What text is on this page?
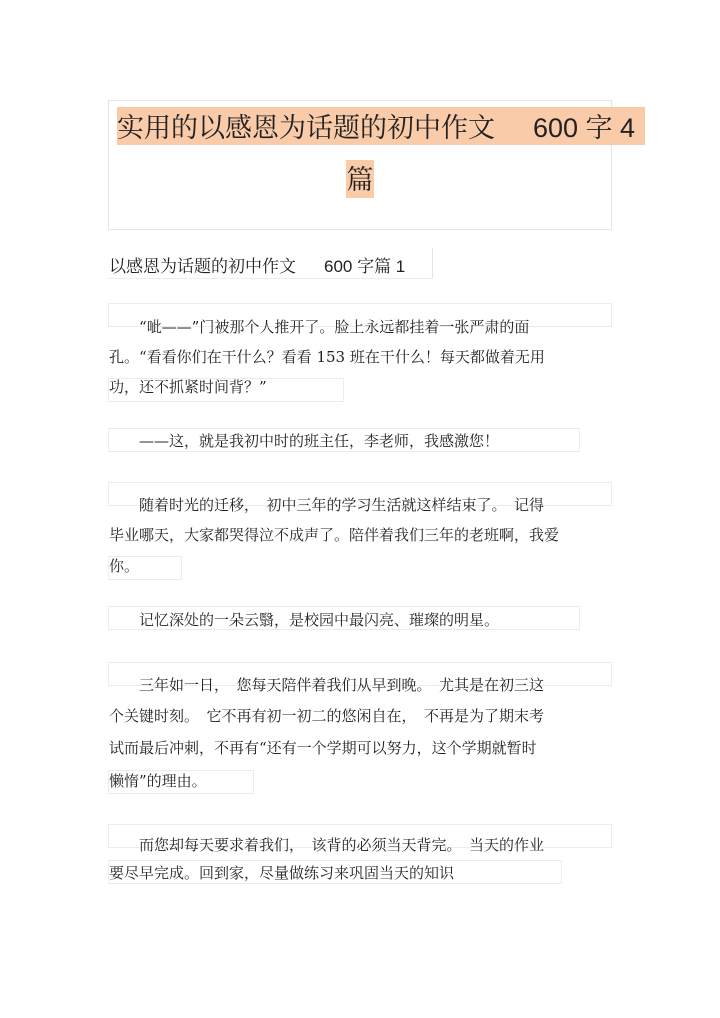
实用的以感恩为话题的初中作文 600 字 4
篇
以感恩为话题的初中作文 600 字篇 1
　　“呲——”门被那个人推开了。脸上永远都挂着一张严肃的面
孔。“看看你们在干什么？看看 153 班在干什么！每天都做着无用
功，还不抓紧时间背？”
　　——这，就是我初中时的班主任，李老师，我感激您！
　　随着时光的迁移，　初中三年的学习生活就这样结束了。　记得
毕业哪天，大家都哭得泣不成声了。陪伴着我们三年的老班啊，我爱
你。
　　记忆深处的一朵云翳，是校园中最闪亮、璀璨的明星。
　　三年如一日，　您每天陪伴着我们从早到晚。　尤其是在初三这
个关键时刻。　它不再有初一初二的悠闲自在，　不再是为了期末考
试而最后冲刺，不再有“还有一个学期可以努力，这个学期就暂时
懒惰”的理由。
　　而您却每天要求着我们，　该背的必须当天背完。　当天的作业
要尽早完成。回到家，尽量做练习来巩固当天的知识
